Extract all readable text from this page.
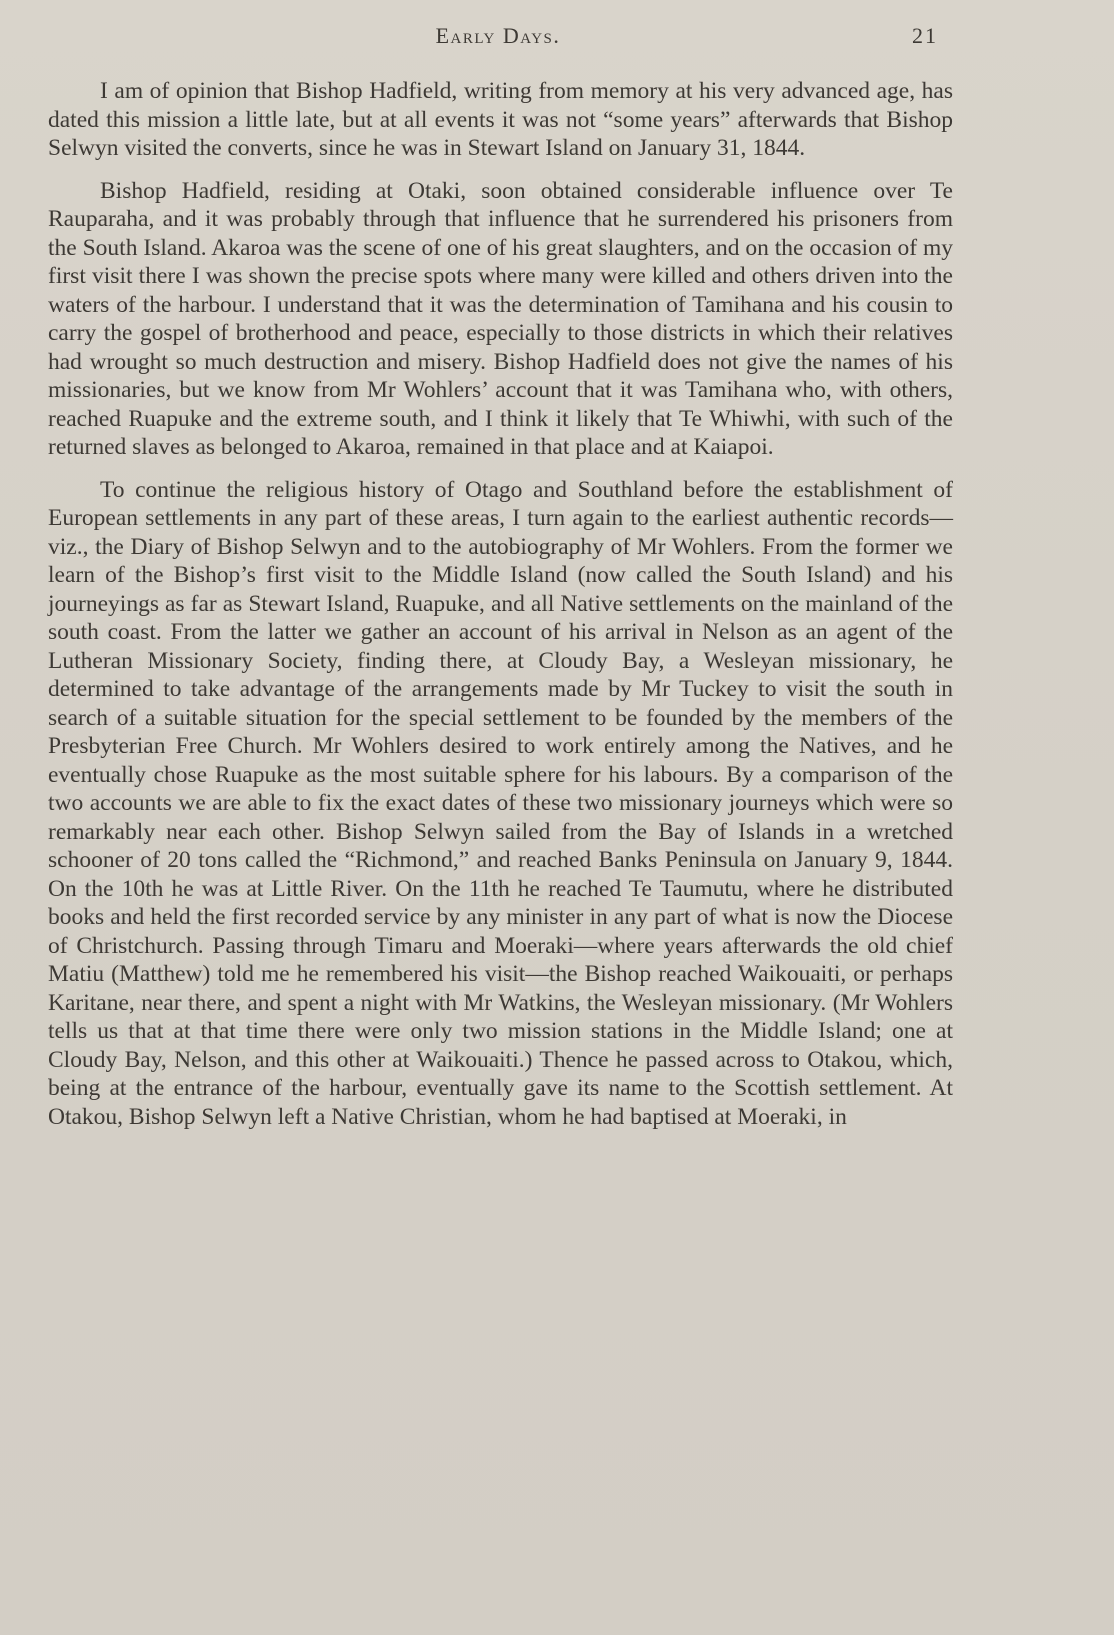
Early Days.	21

I am of opinion that Bishop Hadfield, writing from memory at his very advanced age, has dated this mission a little late, but at all events it was not “some years” afterwards that Bishop Selwyn visited the converts, since he was in Stewart Island on January 31, 1844.

Bishop Hadfield, residing at Otaki, soon obtained considerable influence over Te Rauparaha, and it was probably through that influence that he surrendered his prisoners from the South Island. Akaroa was the scene of one of his great slaughters, and on the occasion of my first visit there I was shown the precise spots where many were killed and others driven into the waters of the harbour. I understand that it was the determination of Tamihana and his cousin to carry the gospel of brotherhood and peace, especially to those districts in which their relatives had wrought so much destruction and misery. Bishop Hadfield does not give the names of his missionaries, but we know from Mr Wohlers’ account that it was Tamihana who, with others, reached Ruapuke and the extreme south, and I think it likely that Te Whiwhi, with such of the returned slaves as belonged to Akaroa, remained in that place and at Kaiapoi.

To continue the religious history of Otago and Southland before the establishment of European settlements in any part of these areas, I turn again to the earliest authentic records—viz., the Diary of Bishop Selwyn and to the autobiography of Mr Wohlers. From the former we learn of the Bishop’s first visit to the Middle Island (now called the South Island) and his journeyings as far as Stewart Island, Ruapuke, and all Native settlements on the mainland of the south coast. From the latter we gather an account of his arrival in Nelson as an agent of the Lutheran Missionary Society, finding there, at Cloudy Bay, a Wesleyan missionary, he determined to take advantage of the arrangements made by Mr Tuckey to visit the south in search of a suitable situation for the special settlement to be founded by the members of the Presbyterian Free Church. Mr Wohlers desired to work entirely among the Natives, and he eventually chose Ruapuke as the most suitable sphere for his labours. By a comparison of the two accounts we are able to fix the exact dates of these two missionary journeys which were so remarkably near each other. Bishop Selwyn sailed from the Bay of Islands in a wretched schooner of 20 tons called the “Richmond,” and reached Banks Peninsula on January 9, 1844. On the 10th he was at Little River. On the 11th he reached Te Taumutu, where he distributed books and held the first recorded service by any minister in any part of what is now the Diocese of Christchurch. Passing through Timaru and Moeraki—where years afterwards the old chief Matiu (Matthew) told me he remembered his visit—the Bishop reached Waikouaiti, or perhaps Karitane, near there, and spent a night with Mr Watkins, the Wesleyan missionary. (Mr Wohlers tells us that at that time there were only two mission stations in the Middle Island; one at Cloudy Bay, Nelson, and this other at Waikouaiti.) Thence he passed across to Otakou, which, being at the entrance of the harbour, eventually gave its name to the Scottish settlement. At Otakou, Bishop Selwyn left a Native Christian, whom he had baptised at Moeraki, in
